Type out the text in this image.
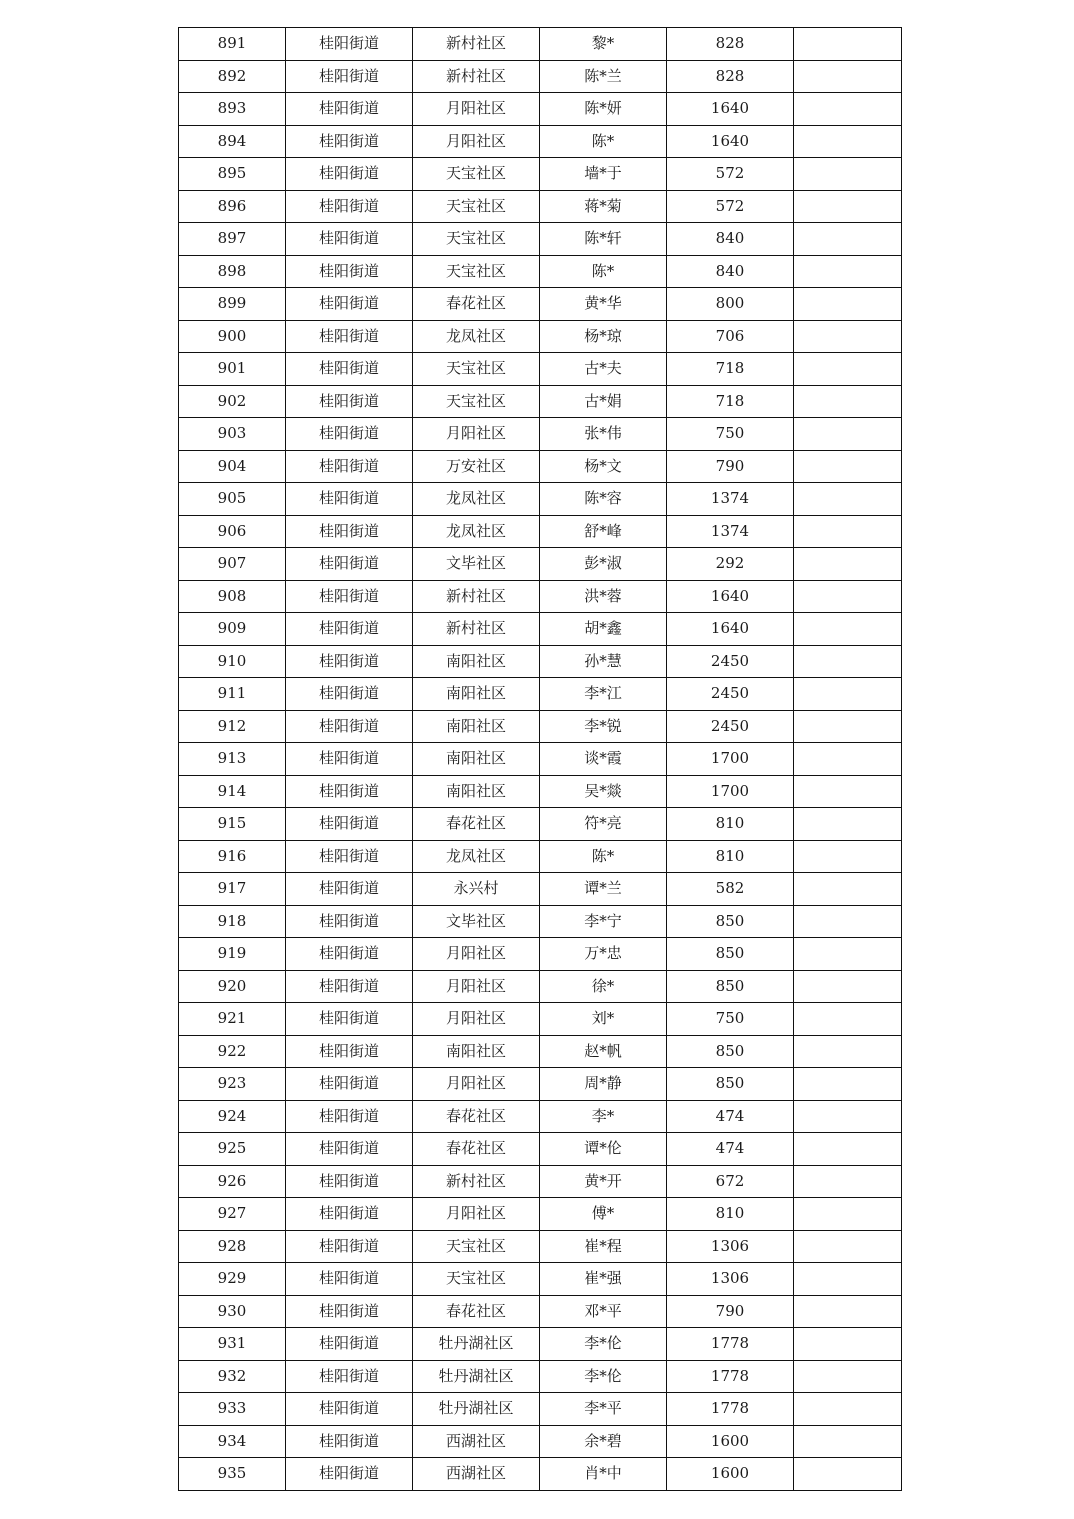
891	桂阳街道	新村社区	黎*	828	
892	桂阳街道	新村社区	陈*兰	828	
893	桂阳街道	月阳社区	陈*妍	1640	
894	桂阳街道	月阳社区	陈*	1640	
895	桂阳街道	天宝社区	墙*于	572	
896	桂阳街道	天宝社区	蒋*菊	572	
897	桂阳街道	天宝社区	陈*轩	840	
898	桂阳街道	天宝社区	陈*	840	
899	桂阳街道	春花社区	黄*华	800	
900	桂阳街道	龙凤社区	杨*琼	706	
901	桂阳街道	天宝社区	古*夫	718	
902	桂阳街道	天宝社区	古*娟	718	
903	桂阳街道	月阳社区	张*伟	750	
904	桂阳街道	万安社区	杨*文	790	
905	桂阳街道	龙凤社区	陈*容	1374	
906	桂阳街道	龙凤社区	舒*峰	1374	
907	桂阳街道	文毕社区	彭*淑	292	
908	桂阳街道	新村社区	洪*蓉	1640	
909	桂阳街道	新村社区	胡*鑫	1640	
910	桂阳街道	南阳社区	孙*慧	2450	
911	桂阳街道	南阳社区	李*江	2450	
912	桂阳街道	南阳社区	李*锐	2450	
913	桂阳街道	南阳社区	谈*霞	1700	
914	桂阳街道	南阳社区	吴*燚	1700	
915	桂阳街道	春花社区	符*亮	810	
916	桂阳街道	龙凤社区	陈*	810	
917	桂阳街道	永兴村	谭*兰	582	
918	桂阳街道	文毕社区	李*宁	850	
919	桂阳街道	月阳社区	万*忠	850	
920	桂阳街道	月阳社区	徐*	850	
921	桂阳街道	月阳社区	刘*	750	
922	桂阳街道	南阳社区	赵*帆	850	
923	桂阳街道	月阳社区	周*静	850	
924	桂阳街道	春花社区	李*	474	
925	桂阳街道	春花社区	谭*伦	474	
926	桂阳街道	新村社区	黄*开	672	
927	桂阳街道	月阳社区	傅*	810	
928	桂阳街道	天宝社区	崔*程	1306	
929	桂阳街道	天宝社区	崔*强	1306	
930	桂阳街道	春花社区	邓*平	790	
931	桂阳街道	牡丹湖社区	李*伦	1778	
932	桂阳街道	牡丹湖社区	李*伦	1778	
933	桂阳街道	牡丹湖社区	李*平	1778	
934	桂阳街道	西湖社区	余*碧	1600	
935	桂阳街道	西湖社区	肖*中	1600	
